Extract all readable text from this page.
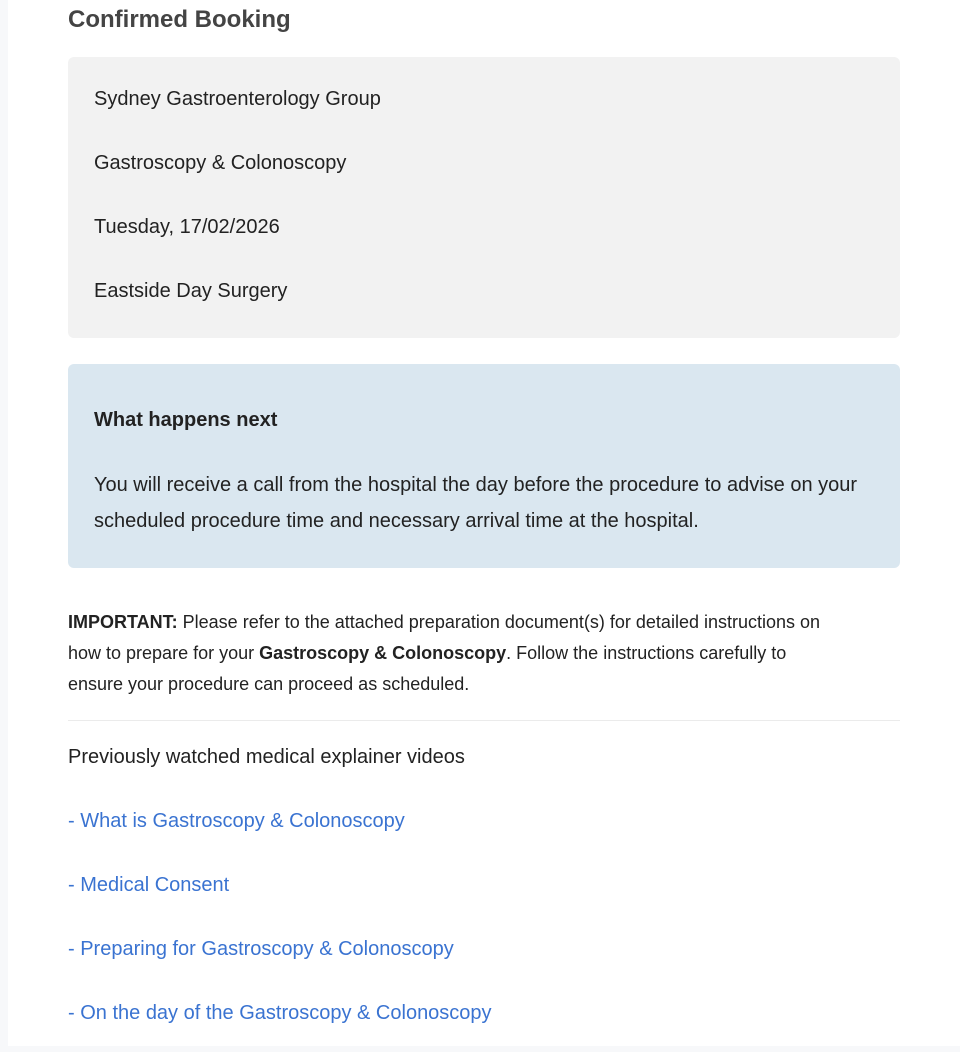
Confirmed Booking
Sydney Gastroenterology Group
Gastroscopy & Colonoscopy
Tuesday, 17/02/2026
Eastside Day Surgery
What happens next
You will receive a call from the hospital the day before the procedure to advise on your scheduled procedure time and necessary arrival time at the hospital.
IMPORTANT: Please refer to the attached preparation document(s) for detailed instructions on how to prepare for your Gastroscopy & Colonoscopy. Follow the instructions carefully to ensure your procedure can proceed as scheduled.
Previously watched medical explainer videos
- What is Gastroscopy & Colonoscopy
- Medical Consent
- Preparing for Gastroscopy & Colonoscopy
- On the day of the Gastroscopy & Colonoscopy
